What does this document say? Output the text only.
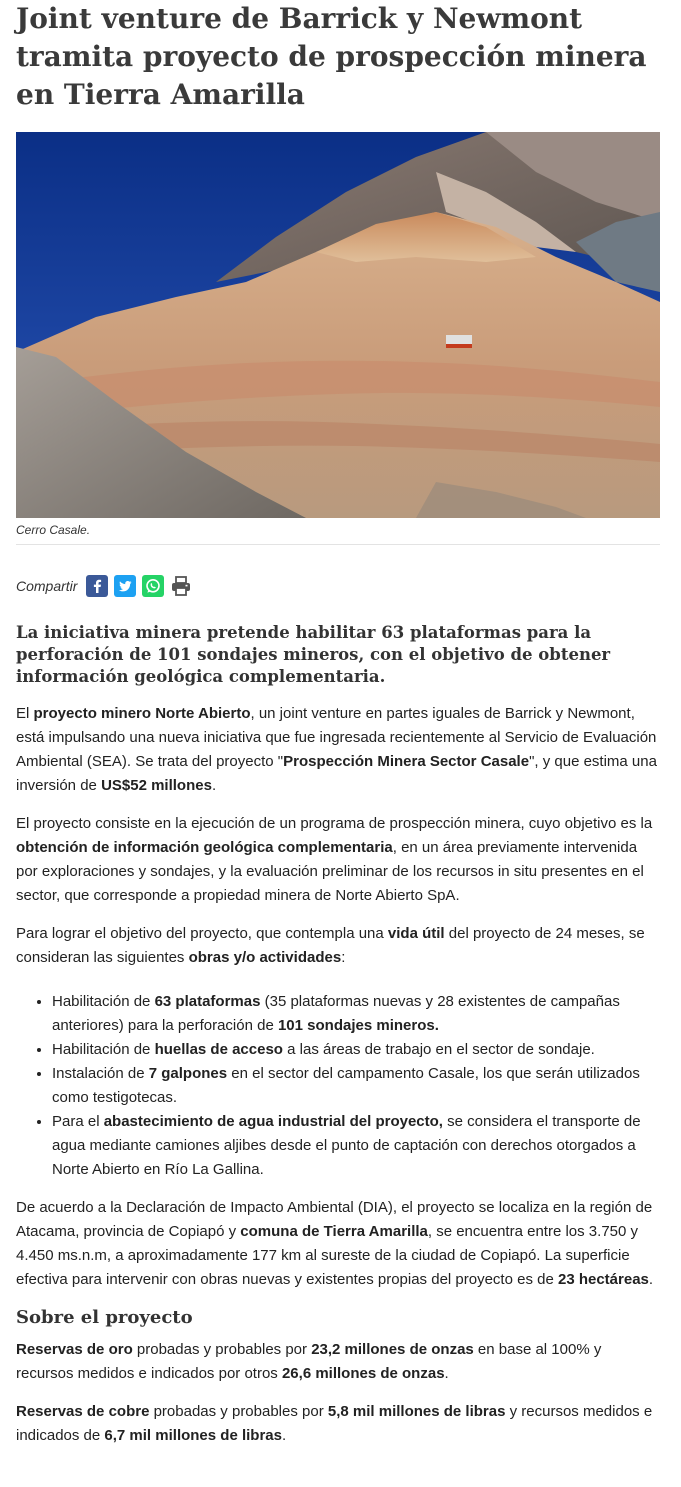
Joint venture de Barrick y Newmont tramita proyecto de prospección minera en Tierra Amarilla
Cerro Casale.
Compartir

La iniciativa minera pretende habilitar 63 plataformas para la perforación de 101 sondajes mineros, con el objetivo de obtener información geológica complementaria.

El proyecto minero Norte Abierto, un joint venture en partes iguales de Barrick y Newmont, está impulsando una nueva iniciativa que fue ingresada recientemente al Servicio de Evaluación Ambiental (SEA). Se trata del proyecto "Prospección Minera Sector Casale", y que estima una inversión de US$52 millones.

El proyecto consiste en la ejecución de un programa de prospección minera, cuyo objetivo es la obtención de información geológica complementaria, en un área previamente intervenida por exploraciones y sondajes, y la evaluación preliminar de los recursos in situ presentes en el sector, que corresponde a propiedad minera de Norte Abierto SpA.

Para lograr el objetivo del proyecto, que contempla una vida útil del proyecto de 24 meses, se consideran las siguientes obras y/o actividades:

• Habilitación de 63 plataformas (35 plataformas nuevas y 28 existentes de campañas anteriores) para la perforación de 101 sondajes mineros.
• Habilitación de huellas de acceso a las áreas de trabajo en el sector de sondaje.
• Instalación de 7 galpones en el sector del campamento Casale, los que serán utilizados como testigotecas.
• Para el abastecimiento de agua industrial del proyecto, se considera el transporte de agua mediante camiones aljibes desde el punto de captación con derechos otorgados a Norte Abierto en Río La Gallina.

De acuerdo a la Declaración de Impacto Ambiental (DIA), el proyecto se localiza en la región de Atacama, provincia de Copiapó y comuna de Tierra Amarilla, se encuentra entre los 3.750 y 4.450 ms.n.m, a aproximadamente 177 km al sureste de la ciudad de Copiapó. La superficie efectiva para intervenir con obras nuevas y existentes propias del proyecto es de 23 hectáreas.

Sobre el proyecto

Reservas de oro probadas y probables por 23,2 millones de onzas en base al 100% y recursos medidos e indicados por otros 26,6 millones de onzas.

Reservas de cobre probadas y probables por 5,8 mil millones de libras y recursos medidos e indicados de 6,7 mil millones de libras.
